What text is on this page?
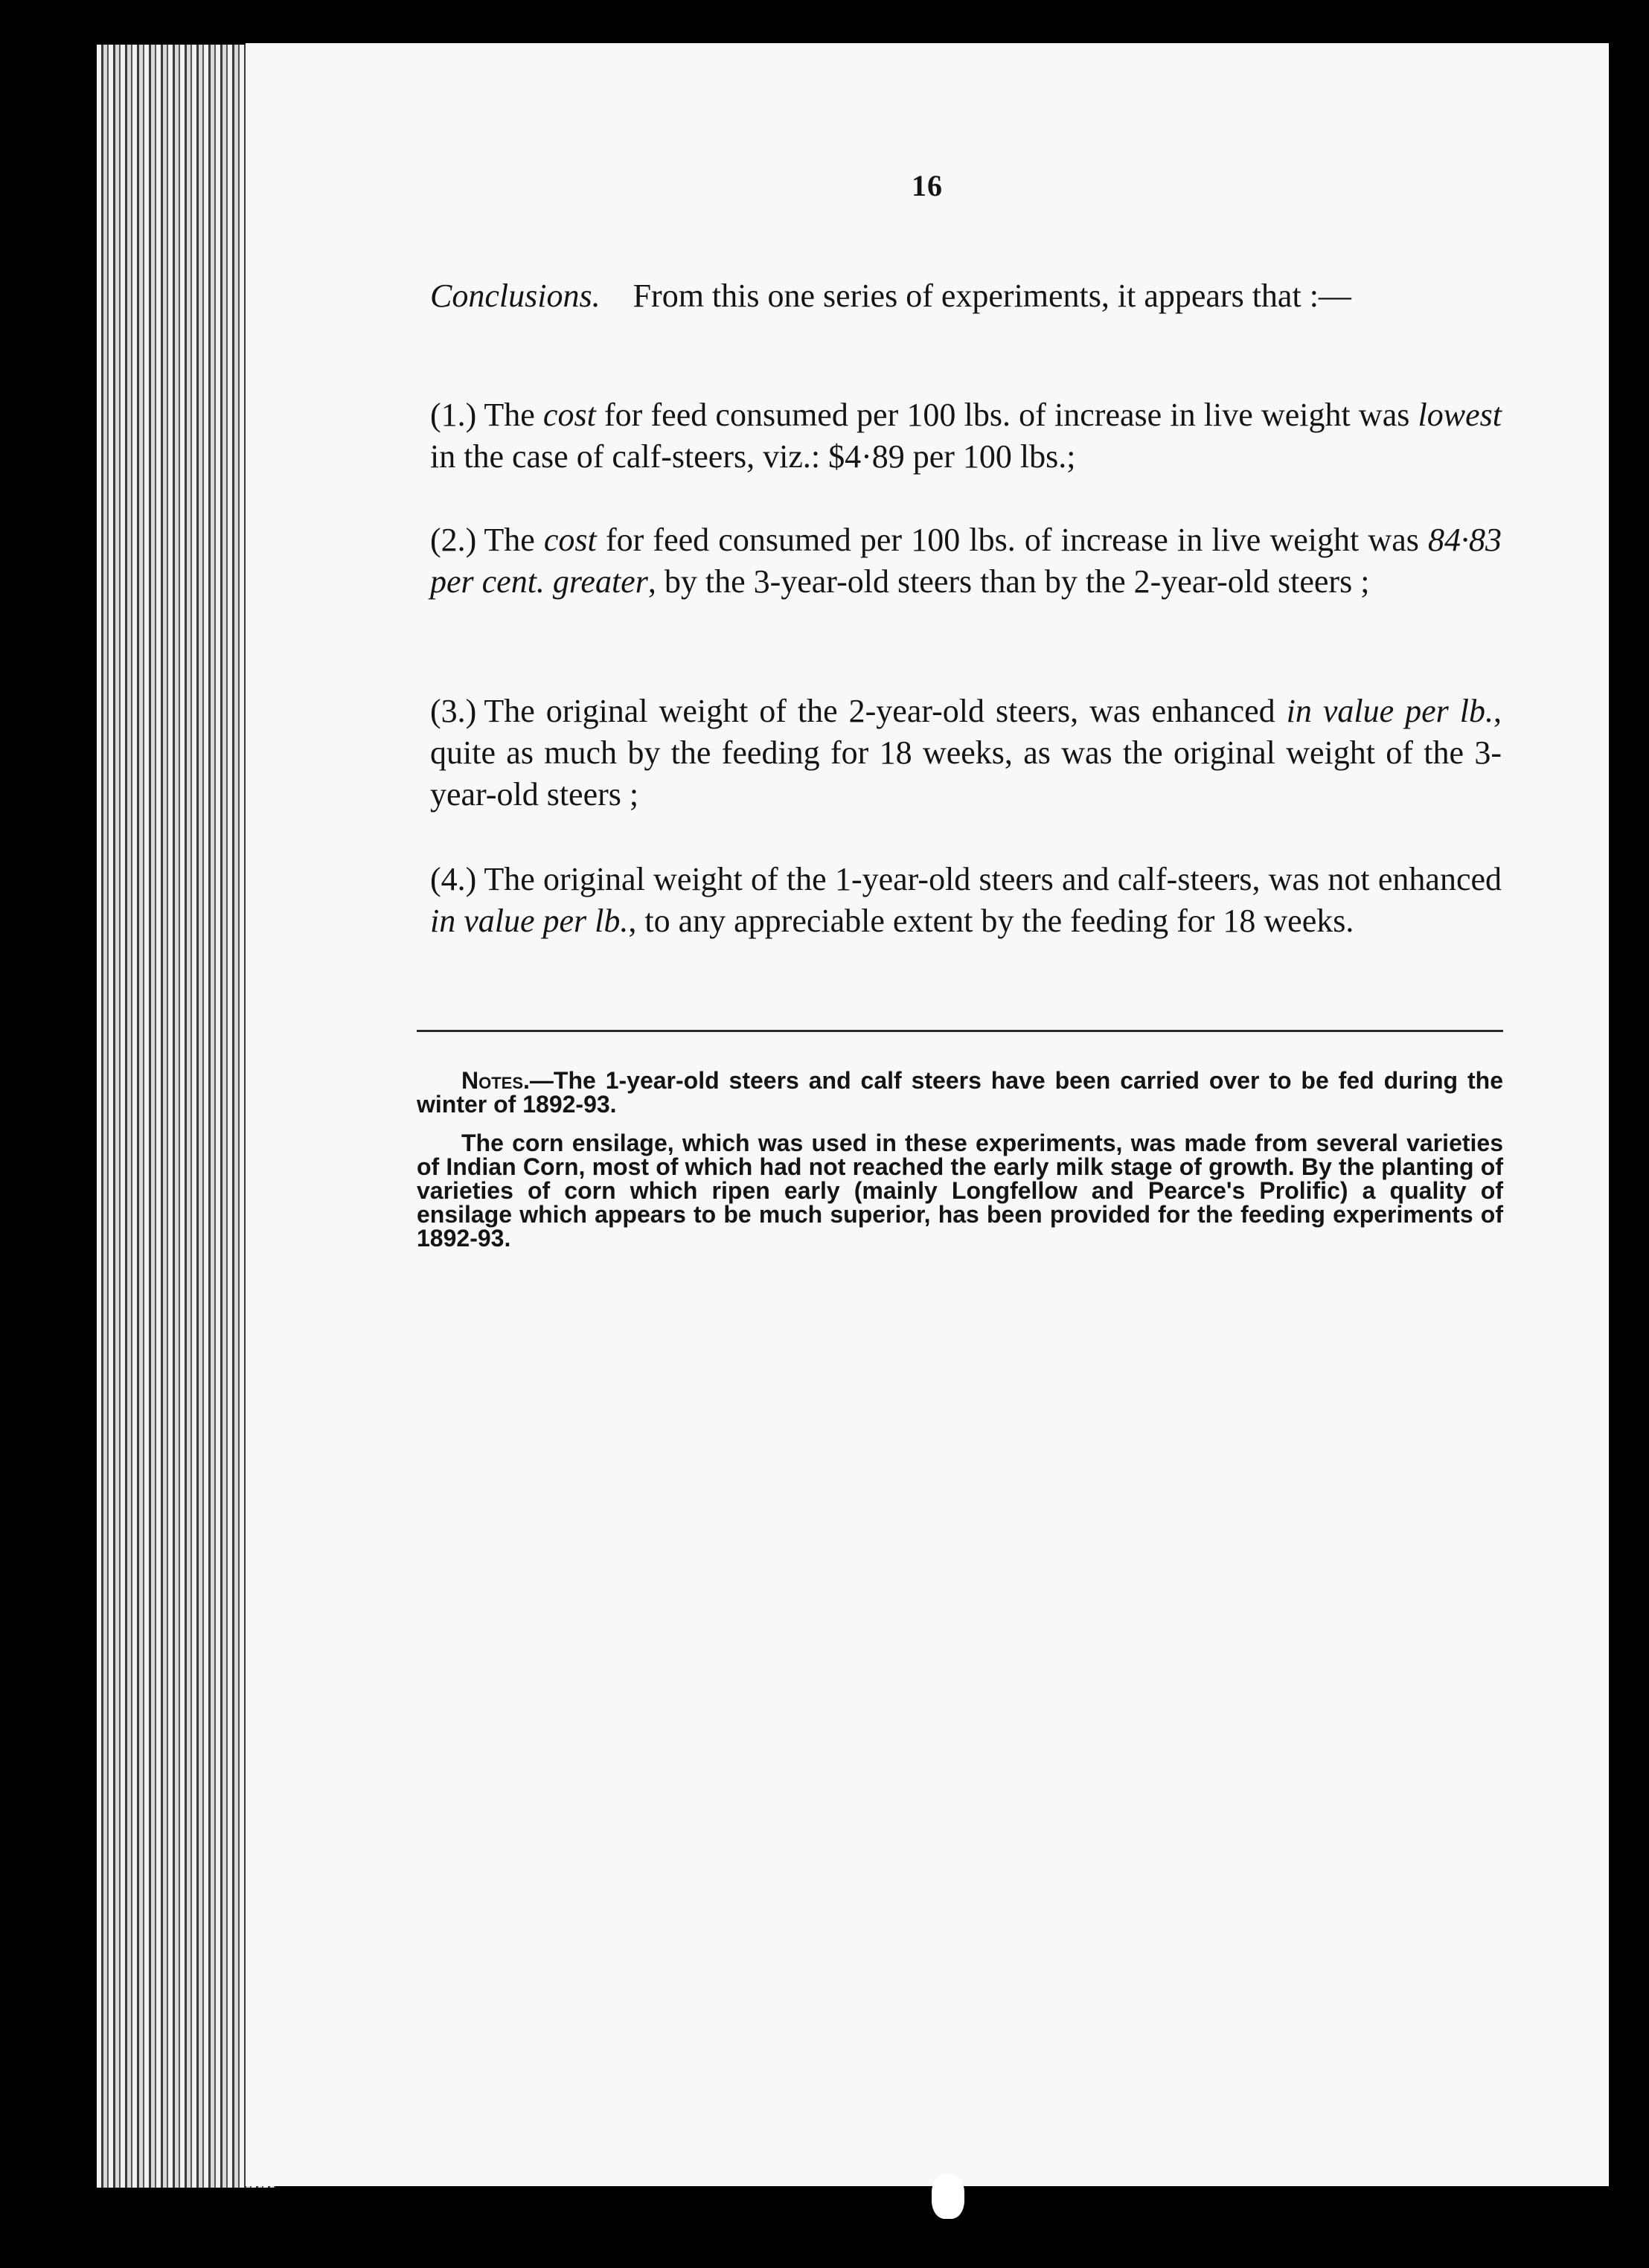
16
Conclusions. From this one series of experiments, it appears that :—
(1.) The cost for feed consumed per 100 lbs. of increase in live weight was lowest in the case of calf-steers, viz.: $4·89 per 100 lbs.;
(2.) The cost for feed consumed per 100 lbs. of increase in live weight was 84·83 per cent. greater, by the 3-year-old steers than by the 2-year-old steers ;
(3.) The original weight of the 2-year-old steers, was enhanced in value per lb., quite as much by the feeding for 18 weeks, as was the original weight of the 3-year-old steers ;
(4.) The original weight of the 1-year-old steers and calf-steers, was not enhanced in value per lb., to any appreciable extent by the feeding for 18 weeks.
Notes.—The 1-year-old steers and calf steers have been carried over to be fed during the winter of 1892-93.
The corn ensilage, which was used in these experiments, was made from several varieties of Indian Corn, most of which had not reached the early milk stage of growth. By the planting of varieties of corn which ripen early (mainly Longfellow and Pearce's Prolific) a quality of ensilage which appears to be much superior, has been provided for the feeding experiments of 1892-93.
